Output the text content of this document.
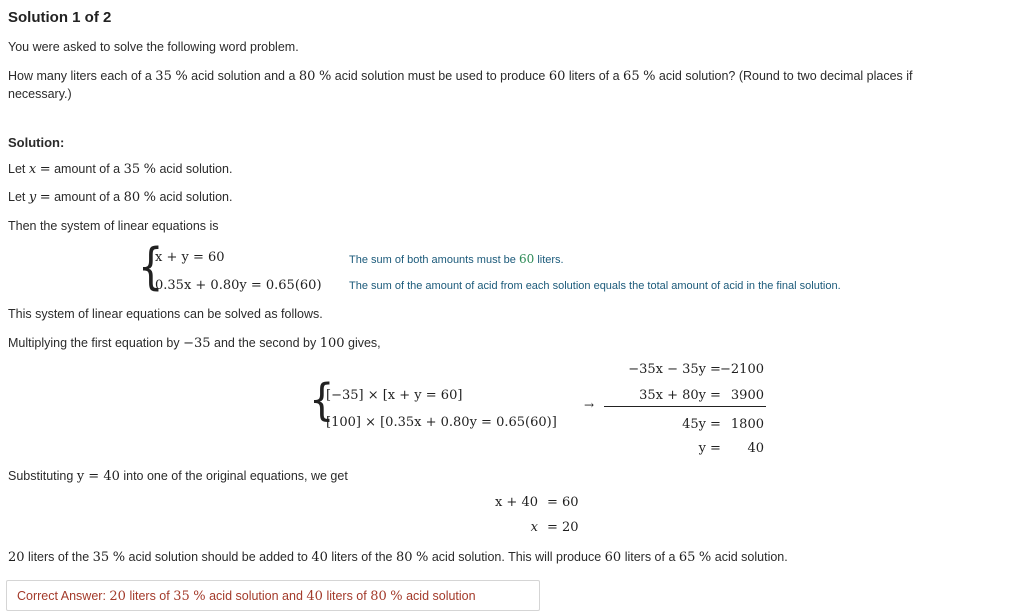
Solution 1 of 2
You were asked to solve the following word problem.
How many liters each of a 35 % acid solution and a 80 % acid solution must be used to produce 60 liters of a 65 % acid solution? (Round to two decimal places if
necessary.)
Solution:
Let x = amount of a 35 % acid solution.
Let y = amount of a 80 % acid solution.
Then the system of linear equations is
{
x + y = 60
0.35x + 0.80y = 0.65(60)
The sum of both amounts must be 60 liters.
The sum of the amount of acid from each solution equals the total amount of acid in the final solution.
This system of linear equations can be solved as follows.
Multiplying the first equation by −35 and the second by 100 gives,
{
[−35] × [x + y = 60]
[100] × [0.35x + 0.80y = 0.65(60)]
→
−35x − 35y = −2100
35x + 80y = 3900
45y = 1800
y =	40
Substituting y = 40 into one of the original equations, we get
x + 40 = 60
x = 20
20 liters of the 35 % acid solution should be added to 40 liters of the 80 % acid solution. This will produce 60 liters of a 65 % acid solution.
Correct Answer: 20 liters of 35 % acid solution and 40 liters of 80 % acid solution
